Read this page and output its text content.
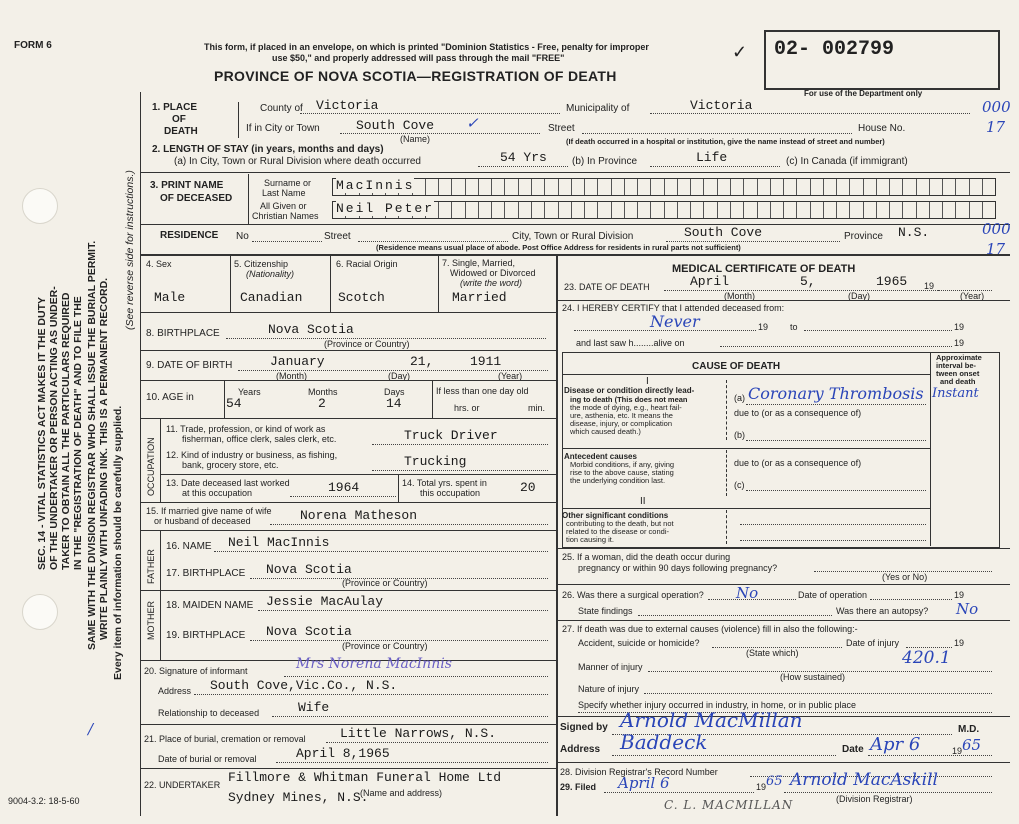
FORM 6	This form, if placed in an envelope, on which is printed "Dominion Statistics - Free, penalty for improper
use $50," and properly addressed will pass through the mail "FREE"
PROVINCE OF NOVA SCOTIA—REGISTRATION OF DEATH
✓ 02- 002799
For use of the Department only
SEC. 14 - VITAL STATISTICS ACT MAKES IT THE DUTY OF THE UNDERTAKER OR PERSON ACTING AS UNDER- TAKER TO OBTAIN ALL THE PARTICULARS REQUIRED IN THE "REGISTRATION OF DEATH" AND TO FILE THE SAME WITH THE DIVISION REGISTRAR WHO SHALL ISSUE THE BURIAL PERMIT. WRITE PLAINLY WITH UNFADING INK. THIS IS A PERMANENT RECORD. Every item of information should be carefully supplied.
(See reverse side for instructions.)
/
9004-3.2: 18-5-60
1. PLACE
OF
DEATH
County of Victoria	Municipality of	Victoria	000
If in City or Town	South Cove ✓
(Name)
Street	House No.	17
(If death occurred in a hospital or institution, give the name instead of street and number)
2. LENGTH OF STAY (in years, months and days)
(a) In City, Town or Rural Division where death occurred	54 Yrs	(b) In Province	Life	(c) In Canada (if immigrant)
3. PRINT NAME
OF DECEASED
Surname or
Last Name MacInnis
All Given or
Christian Names Neil Peter
RESIDENCE No	Street	City, Town or Rural Division	South Cove	Province N.S.	000
17
(Residence means usual place of abode. Post Office Address for residents in rural parts not sufficient)
4. Sex
Male
5. Citizenship
(Nationality)
Canadian
6. Racial Origin
Scotch
7. Single, Married,
Widowed or Divorced
(write the word)
Married
8. BIRTHPLACE	Nova Scotia
(Province or Country)
9. DATE OF BIRTH	January	21,	1911
(Month)	(Day)	(Year)
10. AGE in	Years
54
Months
2
Days
14
If less than one day old
hrs. or	min.
OCCUPATION
11. Trade, profession, or kind of work as
fisherman, office clerk, sales clerk, etc.	Truck Driver
12. Kind of industry or business, as fishing,
bank, grocery store, etc.	Trucking
13. Date deceased last worked
at this occupation	1964	14. Total yrs. spent in
this occupation	20
15. If married give name of wife
or husband of deceased	Norena Matheson
FATHER
16. NAME Neil MacInnis
17. BIRTHPLACE Nova Scotia
(Province or Country)
MOTHER 18. MAIDEN NAME Jessie MacAulay
19. BIRTHPLACE Nova Scotia
(Province or Country)
20. Signature of informant	Mrs Norena MacInnis
Address South Cove,Vic.Co., N.S.
Relationship to deceased	Wife
21. Place of burial, cremation or removal	Little Narrows, N.S.
Date of burial or removal	April 8,1965
22. UNDERTAKER Fillmore & Whitman Funeral Home Ltd
Sydney Mines, N.S.
(Name and address)
MEDICAL CERTIFICATE OF DEATH
23. DATE OF DEATH	April	5,	1965 19
(Month)	(Day)	(Year)
24. I HEREBY CERTIFY that I attended deceased from:
Never	19 to	19
and last saw h........alive on	19
CAUSE OF DEATH
Approximate
interval be-
tween onset
and death
I
Disease or condition directly lead-
ing to death (This does not mean
the mode of dying, e.g., heart fail-
ure, asthenia, etc. It means the
disease, injury, or complication
which caused death.)
(a) Coronary Thrombosis Instant
due to (or as a consequence of)
(b)
Antecedent causes
Morbid conditions, if any, giving
rise to the above cause, stating
the underlying condition last.
due to (or as a consequence of)
(c)
II
Other significant conditions
contributing to the death, but not
related to the disease or condi-
tion causing it.
25. If a woman, did the death occur during
pregnancy or within 90 days following pregnancy?
(Yes or No)
26. Was there a surgical operation? No	Date of operation	19
State findings	Was there an autopsy? No
27. If death was due to external causes (violence) fill in also the following:-
Accident, suicide or homicide?	Date of injury	19
(State which)
Manner of injury	420.1
(How sustained)
Nature of injury
Specify whether injury occurred in industry, in home, or in public place
Signed by Arnold MacMillan	M.D.
Address Baddeck	Date Apr 6	19 65
28. Division Registrar's Record Number
29. Filed April 6	19 65 Arnold MacAskill
(Division Registrar)
C. L. MACMILLAN
